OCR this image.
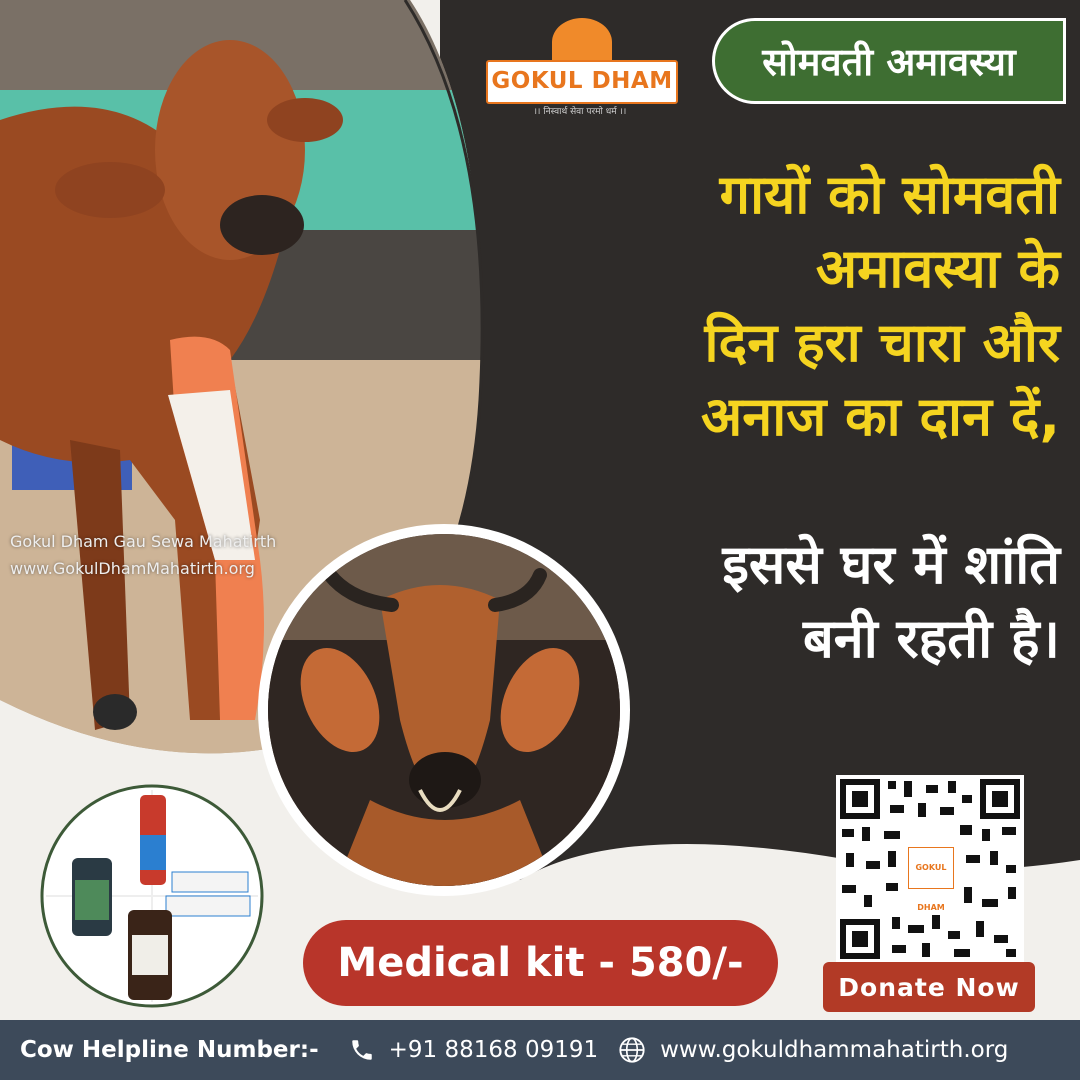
Gokul Dham Gau Sewa Mahatirth
www.GokulDhamMahatirth.org
GOKUL DHAM
।। निस्वार्थ सेवा परमो धर्म ।।
सोमवती अमावस्या
गायों को सोमवती
अमावस्या के
दिन हरा चारा और
अनाज का दान दें,
इससे घर में शांति
बनी रहती है।
GOKUL DHAM
Donate Now
Medical kit - 580/-
Cow Helpline Number:-	+91 88168 09191	www.gokuldhammahatirth.org
